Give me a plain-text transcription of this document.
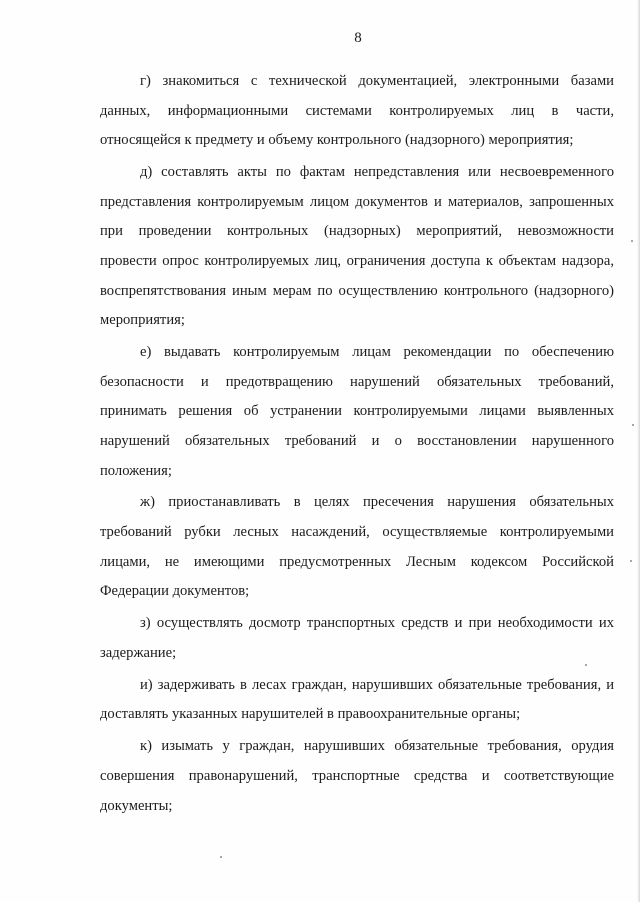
8

г) знакомиться с технической документацией, электронными базами данных, информационными системами контролируемых лиц в части, относящейся к предмету и объему контрольного (надзорного) мероприятия;

д) составлять акты по фактам непредставления или несвоевременного представления контролируемым лицом документов и материалов, запрошенных при проведении контрольных (надзорных) мероприятий, невозможности провести опрос контролируемых лиц, ограничения доступа к объектам надзора, воспрепятствования иным мерам по осуществлению контрольного (надзорного) мероприятия;

е) выдавать контролируемым лицам рекомендации по обеспечению безопасности и предотвращению нарушений обязательных требований, принимать решения об устранении контролируемыми лицами выявленных нарушений обязательных требований и о восстановлении нарушенного положения;

ж) приостанавливать в целях пресечения нарушения обязательных требований рубки лесных насаждений, осуществляемые контролируемыми лицами, не имеющими предусмотренных Лесным кодексом Российской Федерации документов;

з) осуществлять досмотр транспортных средств и при необходимости их задержание;

и) задерживать в лесах граждан, нарушивших обязательные требования, и доставлять указанных нарушителей в правоохранительные органы;

к) изымать у граждан, нарушивших обязательные требования, орудия совершения правонарушений, транспортные средства и соответствующие документы;
